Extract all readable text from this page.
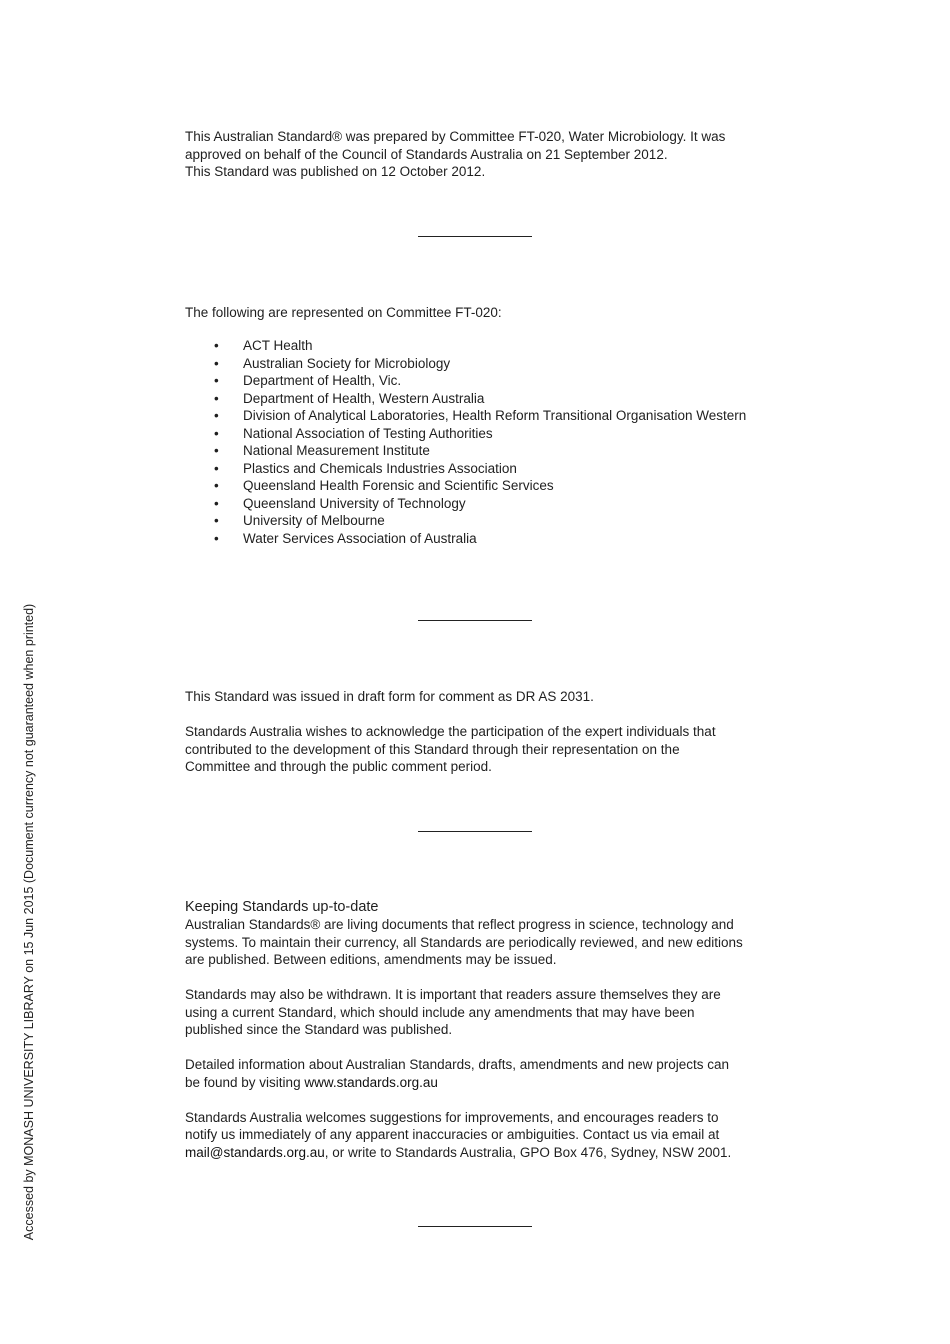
This Australian Standard® was prepared by Committee FT-020, Water Microbiology. It was

approved on behalf of the Council of Standards Australia on 21 September 2012.

This Standard was published on 12 October 2012.

The following are represented on Committee FT-020:

• ACT Health
• Australian Society for Microbiology
• Department of Health, Vic.
• Department of Health, Western Australia
• Division of Analytical Laboratories, Health Reform Transitional Organisation Western
• National Association of Testing Authorities
• National Measurement Institute
• Plastics and Chemicals Industries Association
• Queensland Health Forensic and Scientific Services
• Queensland University of Technology
• University of Melbourne
• Water Services Association of Australia

This Standard was issued in draft form for comment as DR AS 2031.

Standards Australia wishes to acknowledge the participation of the expert individuals that

contributed to the development of this Standard through their representation on the

Committee and through the public comment period.

Keeping Standards up-to-date

Australian Standards® are living documents that reflect progress in science, technology and

systems. To maintain their currency, all Standards are periodically reviewed, and new editions

are published. Between editions, amendments may be issued.

Standards may also be withdrawn. It is important that readers assure themselves they are

using a current Standard, which should include any amendments that may have been

published since the Standard was published.

Detailed information about Australian Standards, drafts, amendments and new projects can

be found by visiting www.standards.org.au

Standards Australia welcomes suggestions for improvements, and encourages readers to

notify us immediately of any apparent inaccuracies or ambiguities. Contact us via email at

mail@standards.org.au, or write to Standards Australia, GPO Box 476, Sydney, NSW 2001.

Accessed by MONASH UNIVERSITY LIBRARY on 15 Jun 2015 (Document currency not guaranteed when printed)
